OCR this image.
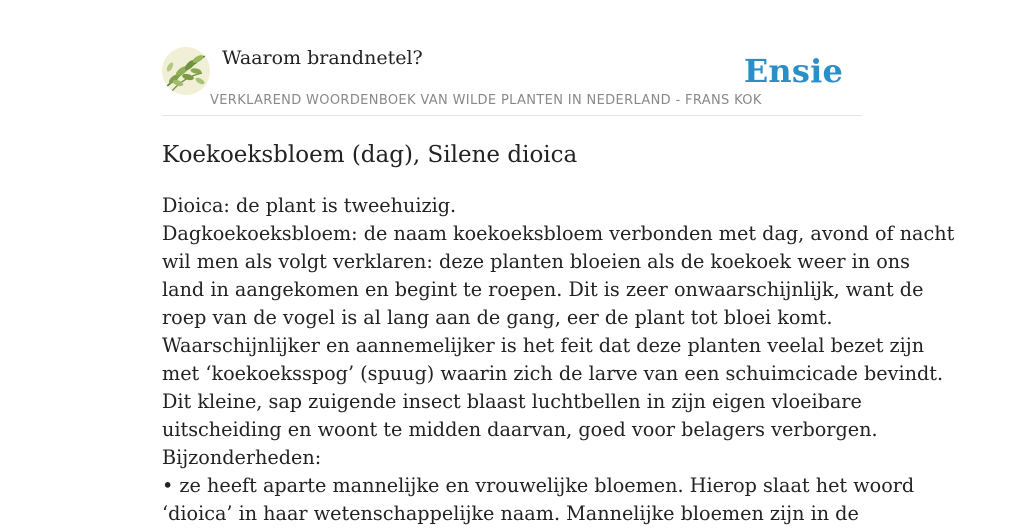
Waarom brandnetel?
VERKLAREND WOORDENBOEK VAN WILDE PLANTEN IN NEDERLAND - FRANS KOK
Ensie
Koekoeksbloem (dag), Silene dioica
Dioica: de plant is tweehuizig.
Dagkoekoeksbloem: de naam koekoeksbloem verbonden met dag, avond of nacht
wil men als volgt verklaren: deze planten bloeien als de koekoek weer in ons
land in aangekomen en begint te roepen. Dit is zeer onwaarschijnlijk, want de
roep van de vogel is al lang aan de gang, eer de plant tot bloei komt.
Waarschijnlijker en aannemelijker is het feit dat deze planten veelal bezet zijn
met ‘koekoeksspog’ (spuug) waarin zich de larve van een schuimcicade bevindt.
Dit kleine, sap zuigende insect blaast luchtbellen in zijn eigen vloeibare
uitscheiding en woont te midden daarvan, goed voor belagers verborgen.
Bijzonderheden:
• ze heeft aparte mannelijke en vrouwelijke bloemen. Hierop slaat het woord
‘dioica’ in haar wetenschappelijke naam. Mannelijke bloemen zijn in de
